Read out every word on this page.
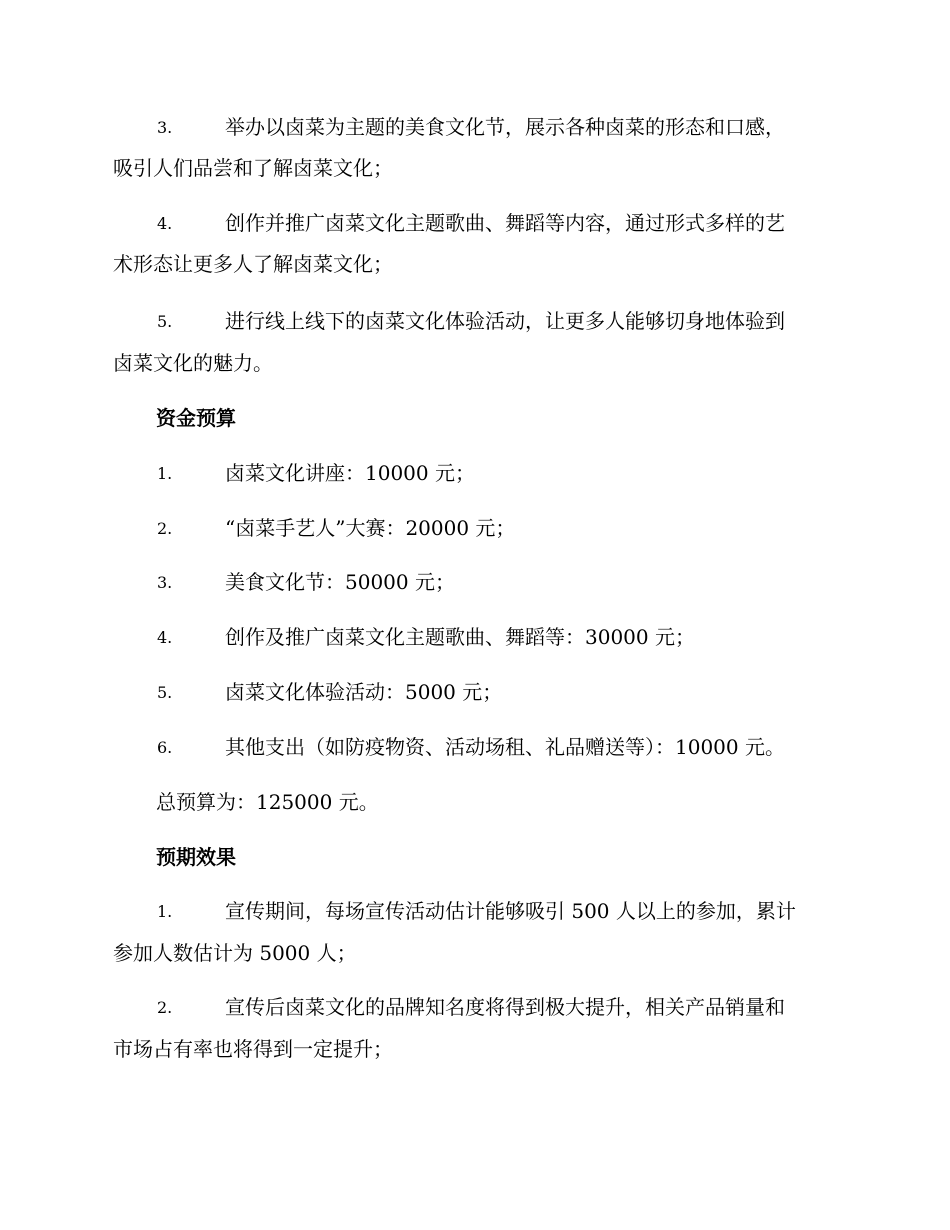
3.	举办以卤菜为主题的美食文化节，展示各种卤菜的形态和口感，
吸引人们品尝和了解卤菜文化；
4.	创作并推广卤菜文化主题歌曲、舞蹈等内容，通过形式多样的艺
术形态让更多人了解卤菜文化；
5.	进行线上线下的卤菜文化体验活动，让更多人能够切身地体验到
卤菜文化的魅力。
资金预算
1.	卤菜文化讲座：10000 元；
2.	“卤菜手艺人”大赛：20000 元；
3.	美食文化节：50000 元；
4.	创作及推广卤菜文化主题歌曲、舞蹈等：30000 元；
5.	卤菜文化体验活动：5000 元；
6.	其他支出（如防疫物资、活动场租、礼品赠送等）：10000 元。
总预算为：125000 元。
预期效果
1.	宣传期间，每场宣传活动估计能够吸引 500 人以上的参加，累计
参加人数估计为 5000 人；
2.	宣传后卤菜文化的品牌知名度将得到极大提升，相关产品销量和
市场占有率也将得到一定提升；
